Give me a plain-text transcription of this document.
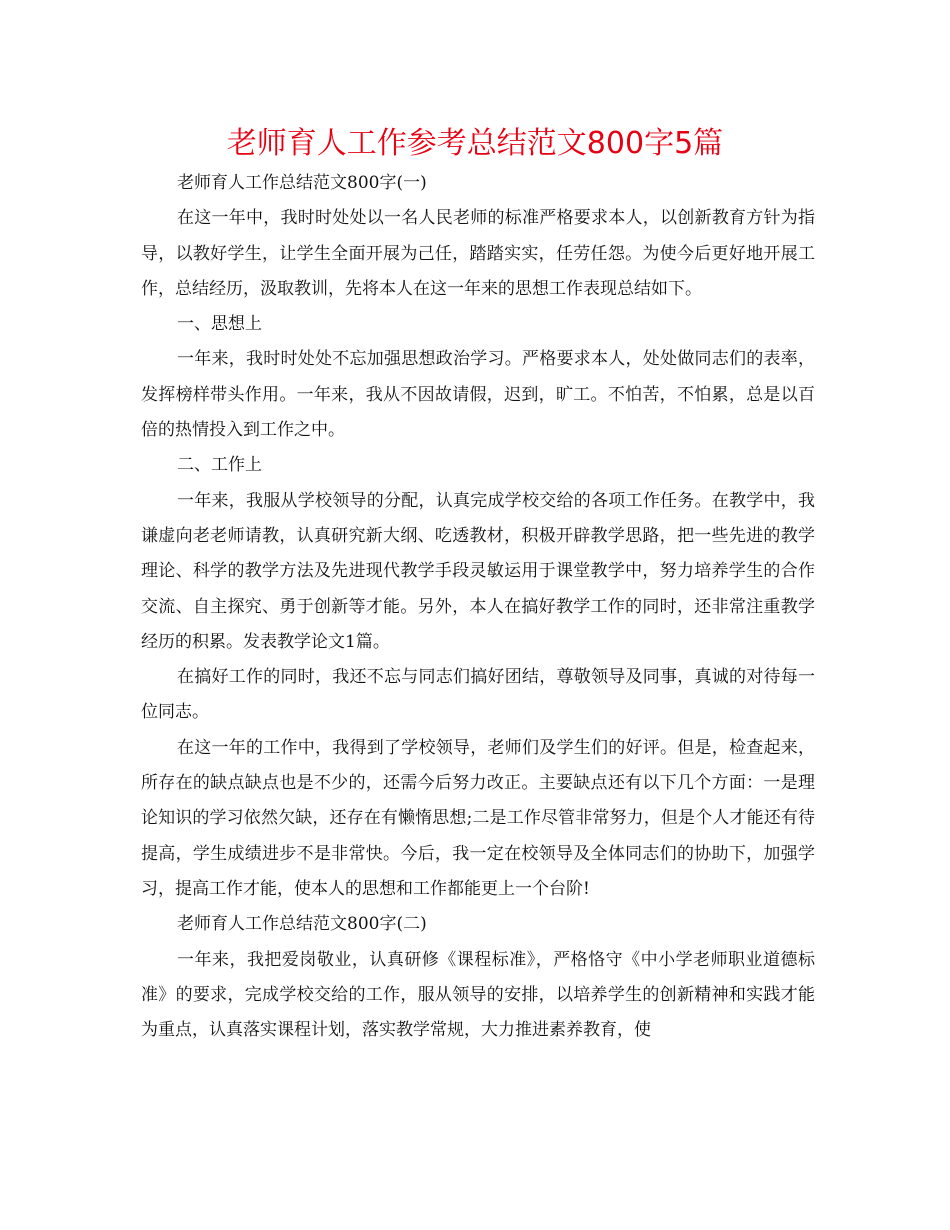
老师育人工作参考总结范文800字5篇

老师育人工作总结范文800字(一)

在这一年中，我时时处处以一名人民老师的标准严格要求本人，以创新教育方针为指导，以教好学生，让学生全面开展为己任，踏踏实实，任劳任怨。为使今后更好地开展工作，总结经历，汲取教训，先将本人在这一年来的思想工作表现总结如下。

一、思想上

一年来，我时时处处不忘加强思想政治学习。严格要求本人，处处做同志们的表率，发挥榜样带头作用。一年来，我从不因故请假，迟到，旷工。不怕苦，不怕累，总是以百倍的热情投入到工作之中。

二、工作上

一年来，我服从学校领导的分配，认真完成学校交给的各项工作任务。在教学中，我谦虚向老老师请教，认真研究新大纲、吃透教材，积极开辟教学思路，把一些先进的教学理论、科学的教学方法及先进现代教学手段灵敏运用于课堂教学中，努力培养学生的合作交流、自主探究、勇于创新等才能。另外，本人在搞好教学工作的同时，还非常注重教学经历的积累。发表教学论文1篇。

在搞好工作的同时，我还不忘与同志们搞好团结，尊敬领导及同事，真诚的对待每一位同志。

在这一年的工作中，我得到了学校领导，老师们及学生们的好评。但是，检查起来，所存在的缺点缺点也是不少的，还需今后努力改正。主要缺点还有以下几个方面：一是理论知识的学习依然欠缺，还存在有懒惰思想;二是工作尽管非常努力，但是个人才能还有待提高，学生成绩进步不是非常快。今后，我一定在校领导及全体同志们的协助下，加强学习，提高工作才能，使本人的思想和工作都能更上一个台阶!

老师育人工作总结范文800字(二)

一年来，我把爱岗敬业，认真研修《课程标准》，严格恪守《中小学老师职业道德标准》的要求，完成学校交给的工作，服从领导的安排，以培养学生的创新精神和实践才能为重点，认真落实课程计划，落实教学常规，大力推进素养教育，使
